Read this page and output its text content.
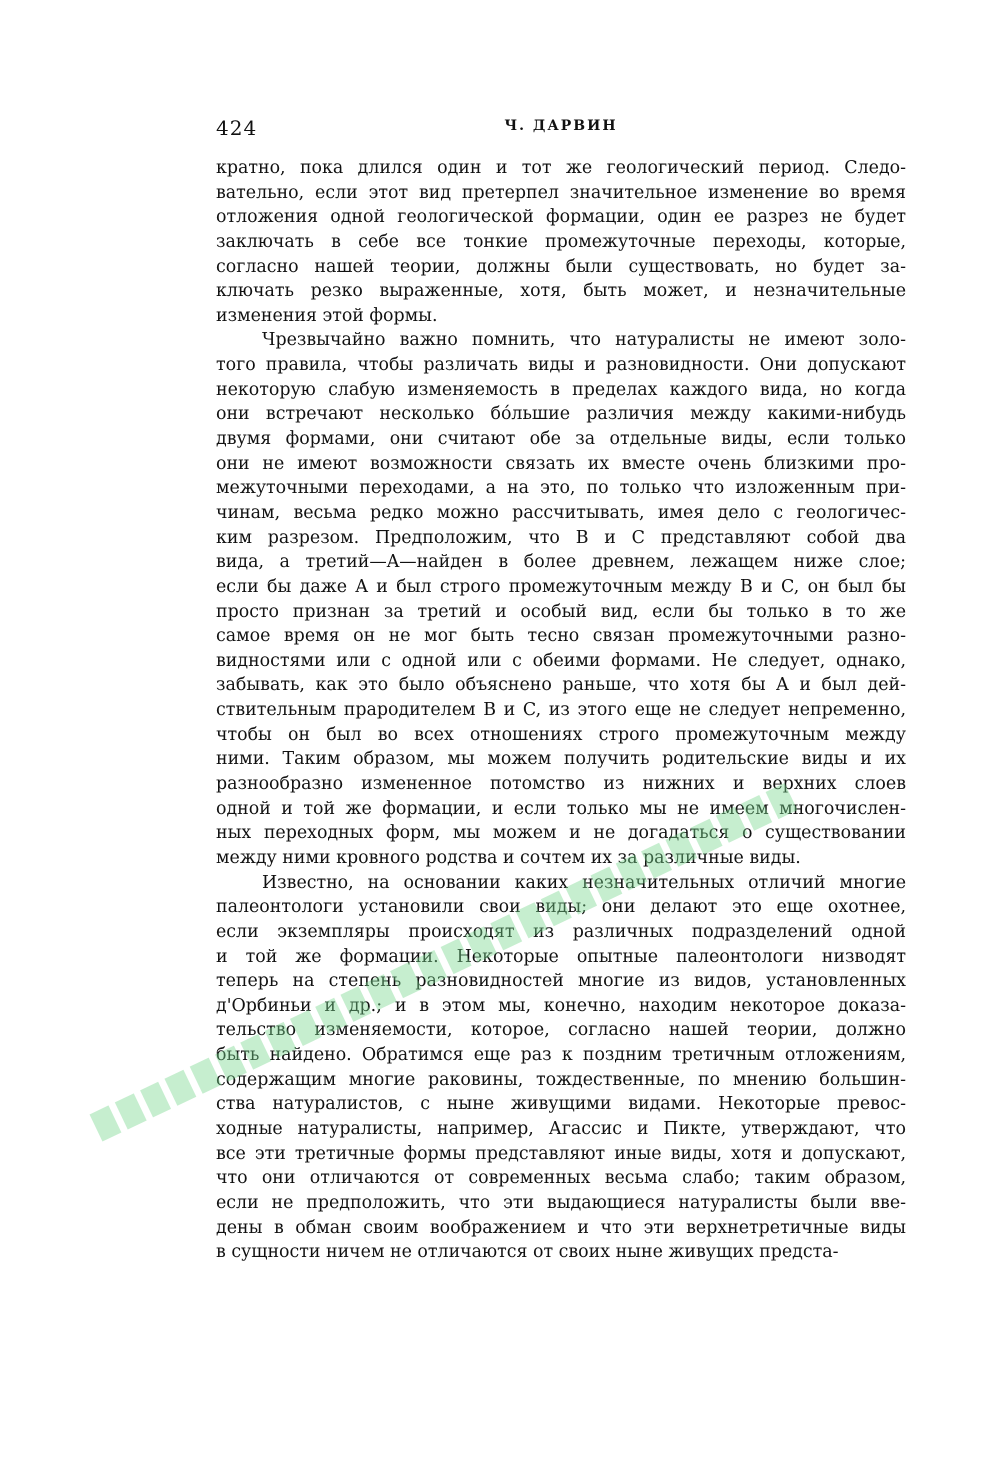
424	Ч. ДАРВИН
кратно, пока длился один и тот же геологический период. Следо-
вательно, если этот вид претерпел значительное изменение во время
отложения одной геологической формации, один ее разрез не будет
заключать в себе все тонкие промежуточные переходы, которые,
согласно нашей теории, должны были существовать, но будет за-
ключать резко выраженные, хотя, быть может, и незначительные
изменения этой формы.
Чрезвычайно важно помнить, что натуралисты не имеют золо-
того правила, чтобы различать виды и разновидности. Они допускают
некоторую слабую изменяемость в пределах каждого вида, но когда
они встречают несколько бо́льшие различия между какими-нибудь
двумя формами, они считают обе за отдельные виды, если только
они не имеют возможности связать их вместе очень близкими про-
межуточными переходами, а на это, по только что изложенным при-
чинам, весьма редко можно рассчитывать, имея дело с геологичес-
ким разрезом. Предположим, что B и C представляют собой два
вида, а третий—A—найден в более древнем, лежащем ниже слое;
если бы даже A и был строго промежуточным между B и C, он был бы
просто признан за третий и особый вид, если бы только в то же
самое время он не мог быть тесно связан промежуточными разно-
видностями или с одной или с обеими формами. Не следует, однако,
забывать, как это было объяснено раньше, что хотя бы A и был дей-
ствительным прародителем B и C, из этого еще не следует непременно,
чтобы он был во всех отношениях строго промежуточным между
ними. Таким образом, мы можем получить родительские виды и их
разнообразно измененное потомство из нижних и верхних слоев
одной и той же формации, и если только мы не имеем многочислен-
ных переходных форм, мы можем и не догадаться о существовании
между ними кровного родства и сочтем их за различные виды.
Известно, на основании каких незначительных отличий многие
палеонтологи установили свои виды; они делают это еще охотнее,
если экземпляры происходят из различных подразделений одной
и той же формации. Некоторые опытные палеонтологи низводят
теперь на степень разновидностей многие из видов, установленных
д'Орбиньи и др.; и в этом мы, конечно, находим некоторое доказа-
тельство изменяемости, которое, согласно нашей теории, должно
быть найдено. Обратимся еще раз к поздним третичным отложениям,
содержащим многие раковины, тождественные, по мнению большин-
ства натуралистов, с ныне живущими видами. Некоторые превос-
ходные натуралисты, например, Агассис и Пикте, утверждают, что
все эти третичные формы представляют иные виды, хотя и допускают,
что они отличаются от современных весьма слабо; таким образом,
если не предположить, что эти выдающиеся натуралисты были вве-
дены в обман своим воображением и что эти верхнетретичные виды
в сущности ничем не отличаются от своих ныне живущих предста-
